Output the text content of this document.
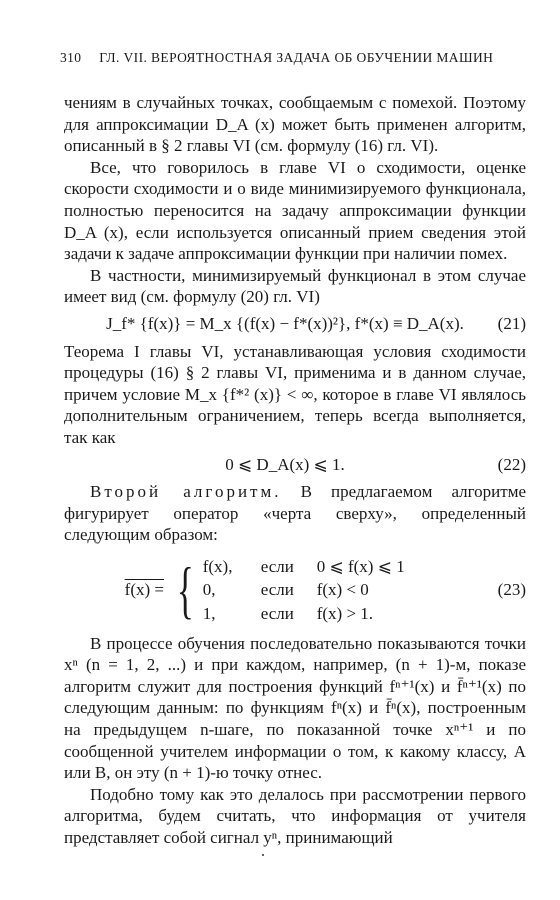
310 ГЛ. VII. ВЕРОЯТНОСТНАЯ ЗАДАЧА ОБ ОБУЧЕНИИ МАШИН

чениям в случайных точках, сообщаемым с помехой. Поэтому для аппроксимации D_A (x) может быть применен алгоритм, описанный в § 2 главы VI (см. формулу (16) гл. VI).

Все, что говорилось в главе VI о сходимости, оценке скорости сходимости и о виде минимизируемого функционала, полностью переносится на задачу аппроксимации функции D_A (x), если используется описанный прием сведения этой задачи к задаче аппроксимации функции при наличии помех.

В частности, минимизируемый функционал в этом случае имеет вид (см. формулу (20) гл. VI)

J_f* {f(x)} = M_x {(f(x) − f*(x))²}, f*(x) ≡ D_A(x).	(21)

Теорема I главы VI, устанавливающая условия сходимости процедуры (16) § 2 главы VI, применима и в данном случае, причем условие M_x {f*² (x)} < ∞, которое в главе VI являлось дополнительным ограничением, теперь всегда выполняется, так как

0 ⩽ D_A(x) ⩽ 1.	(22)

Второй алгоритм. В предлагаемом алгоритме фигурирует оператор «черта сверху», определенный следующим образом:

f(x) = { f(x),	если	0 ⩽ f(x) ⩽ 1
0,	если	f(x) < 0
1,	если	f(x) > 1.
(23)

В процессе обучения последовательно показываются точки xⁿ (n = 1, 2, ...) и при каждом, например, (n + 1)-м, показе алгоритм служит для построения функций fⁿ⁺¹(x) и f̄ⁿ⁺¹(x) по следующим данным: по функциям fⁿ(x) и f̄ⁿ(x), построенным на предыдущем n-шаге, по показанной точке xⁿ⁺¹ и по сообщенной учителем информации о том, к какому классу, A или B, он эту (n + 1)-ю точку отнес.

Подобно тому как это делалось при рассмотрении первого алгоритма, будем считать, что информация от учителя представляет собой сигнал yⁿ, принимающий
